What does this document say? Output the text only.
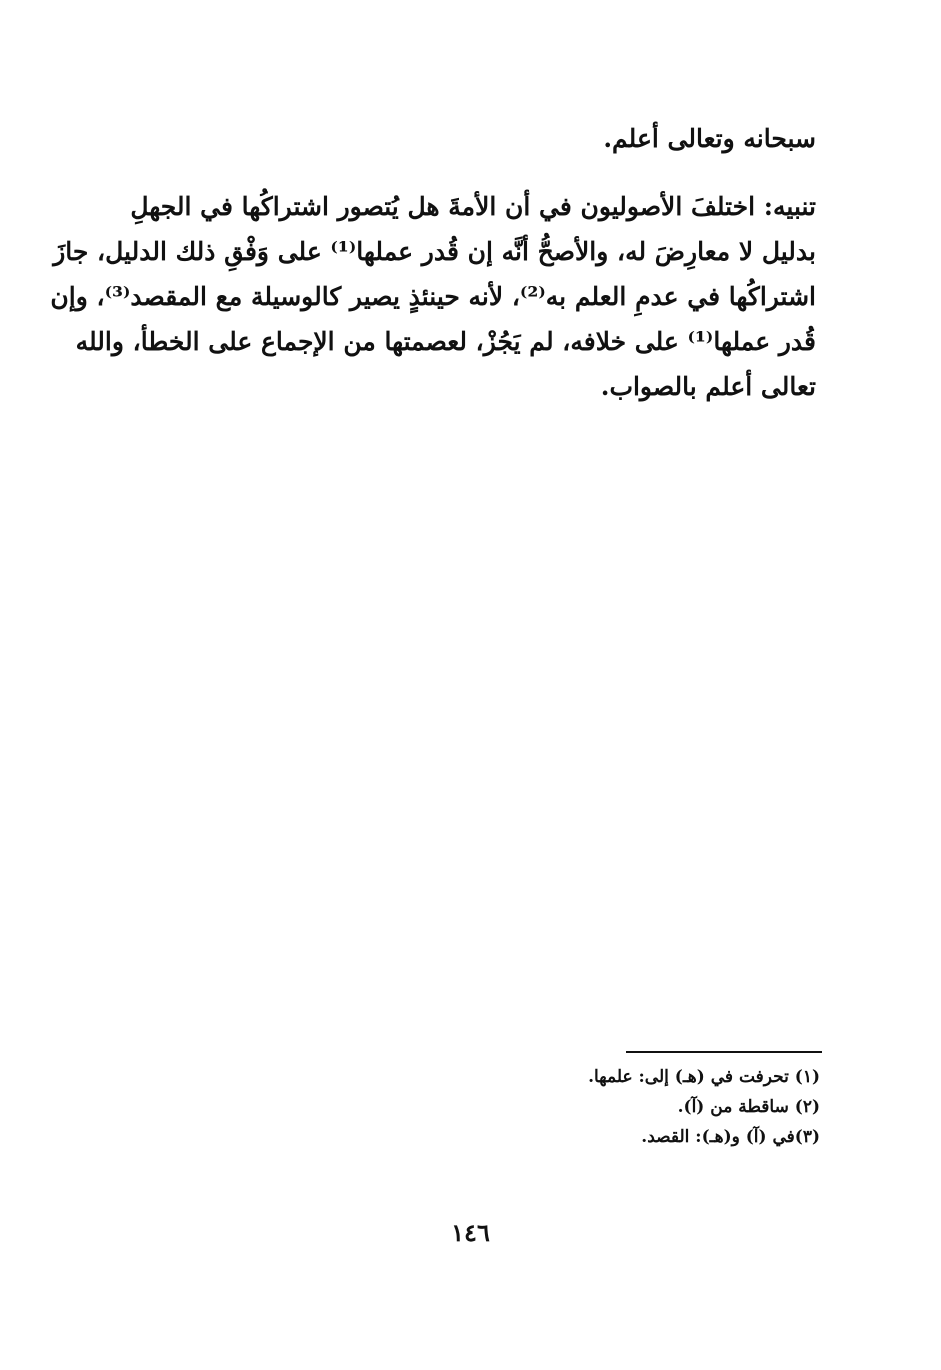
سبحانه وتعالى أعلم.
تنبيه: اختلفَ الأصوليون في أن الأمةَ هل يُتصور اشتراكُها في الجهلِ
بدليل لا معارِضَ له، والأصحُّ أنَّه إن قُدر عملها⁽¹⁾ على وَفْقِ ذلك الدليل، جازَ
اشتراكُها في عدمِ العلم به⁽²⁾، لأنه حينئذٍ يصير كالوسيلة مع المقصد⁽³⁾، وإن
قُدر عملها⁽¹⁾ على خلافه، لم يَجُزْ، لعصمتها من الإجماع على الخطأ، والله
تعالى أعلم بالصواب.
(١) تحرفت في (هـ) إلى: علمها.
(٢) ساقطة من (آ).
(٣)في (آ) و(هـ): القصد.
١٤٦
